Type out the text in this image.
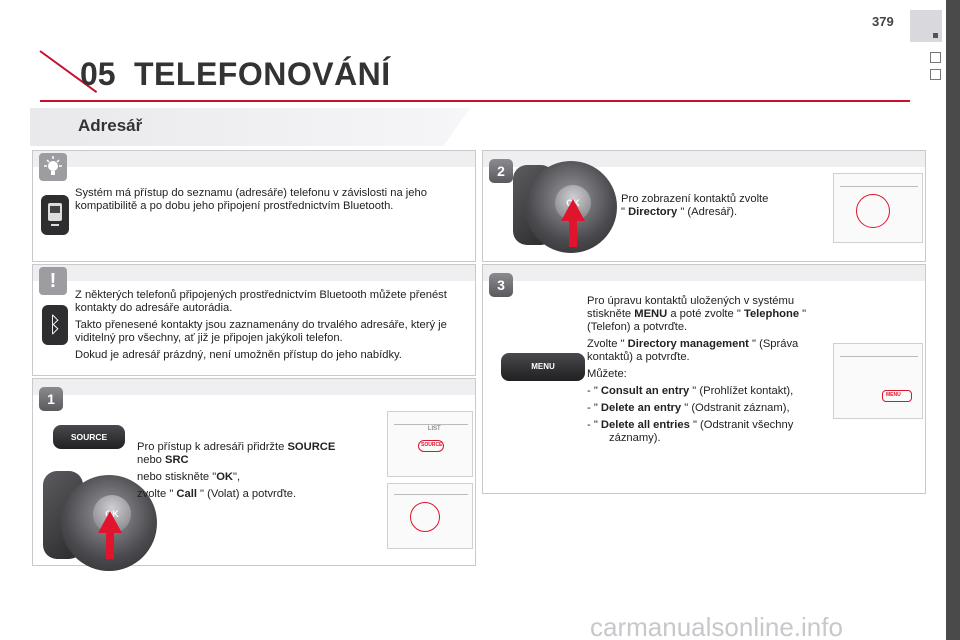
379
05 TELEFONOVÁNÍ
Adresář
Systém má přístup do seznamu (adresáře) telefonu v závislosti na jeho kompatibilitě a po dobu jeho připojení prostřednictvím Bluetooth.
!
ᛒ

Z některých telefonů připojených prostřednictvím Bluetooth můžete přenést kontakty do adresáře autorádia.

Takto přenesené kontakty jsou zaznamenány do trvalého adresáře, který je viditelný pro všechny, ať již je připojen jakýkoli telefon.

Dokud je adresář prázdný, není umožněn přístup do jeho nabídky.

1
SOURCE
OK

Pro přístup k adresáři přidržte SOURCE

nebo SRC

nebo stiskněte "OK",

zvolte " Call " (Volat) a potvrďte.

LIST
SOURCE
2
OK	Pro zobrazení kontaktů zvolte

" Directory " (Adresář).

3
MENU

Pro úpravu kontaktů uložených v systému stiskněte MENU a poté zvolte " Telephone " (Telefon) a potvrďte.

Zvolte " Directory management " (Správa kontaktů) a potvrďte.

Můžete:

- " Consult an entry " (Prohlížet kontakt),

- " Delete an entry " (Odstranit záznam),

- " Delete all entries " (Odstranit všechny záznamy).

MENU
carmanualsonline.info
